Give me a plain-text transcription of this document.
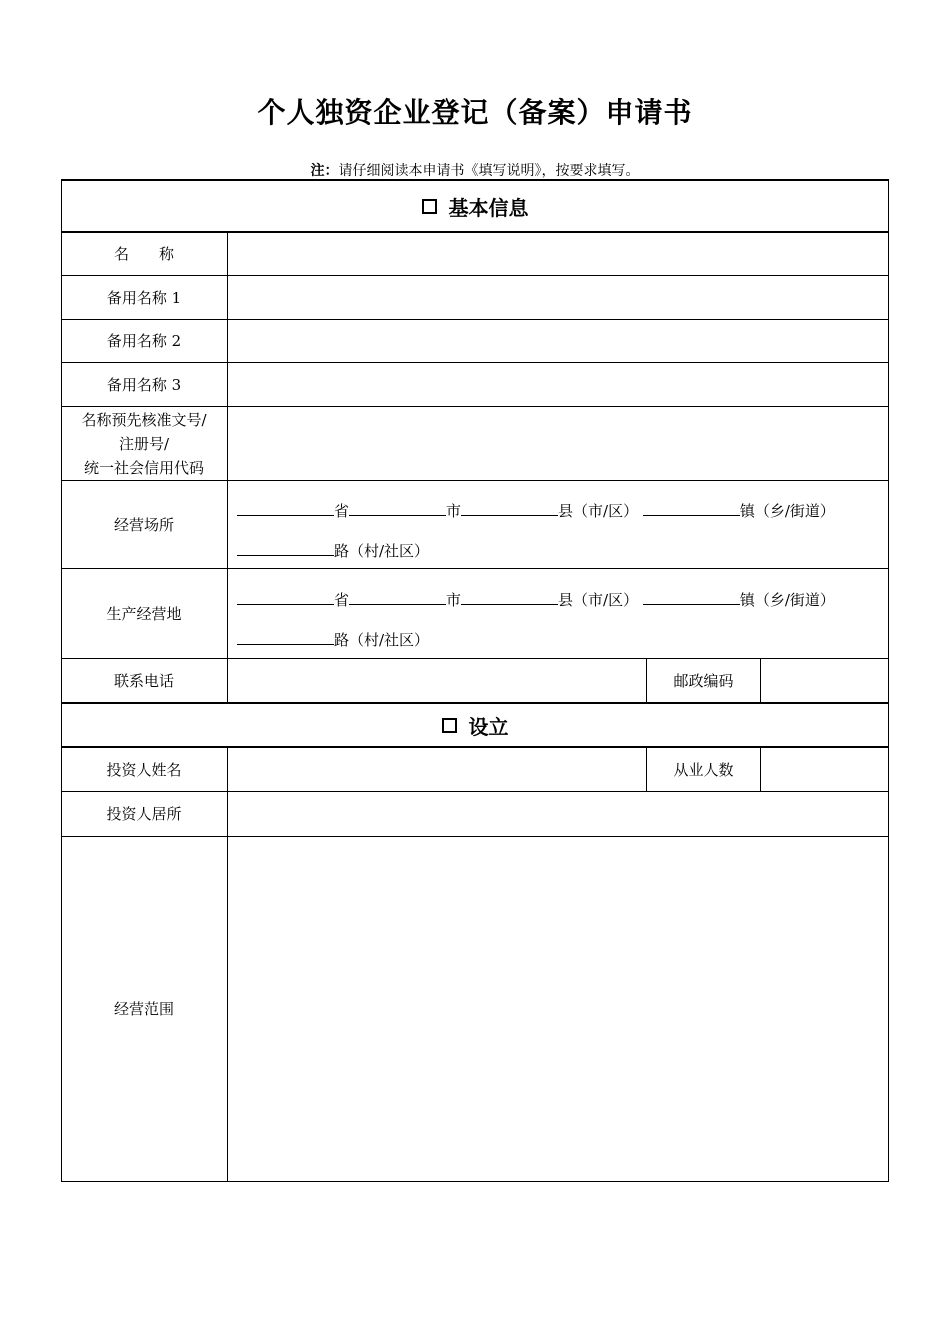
个人独资企业登记（备案）申请书
注：请仔细阅读本申请书《填写说明》，按要求填写。
基本信息
名　　称
备用名称 1
备用名称 2
备用名称 3
名称预先核准文号/
注册号/
统一社会信用代码
经营场所
省	市	县（市/区）	镇（乡/街道）
路（村/社区）
生产经营地
省	市	县（市/区）	镇（乡/街道）
路（村/社区）
联系电话	邮政编码
设立
投资人姓名	从业人数
投资人居所
经营范围
